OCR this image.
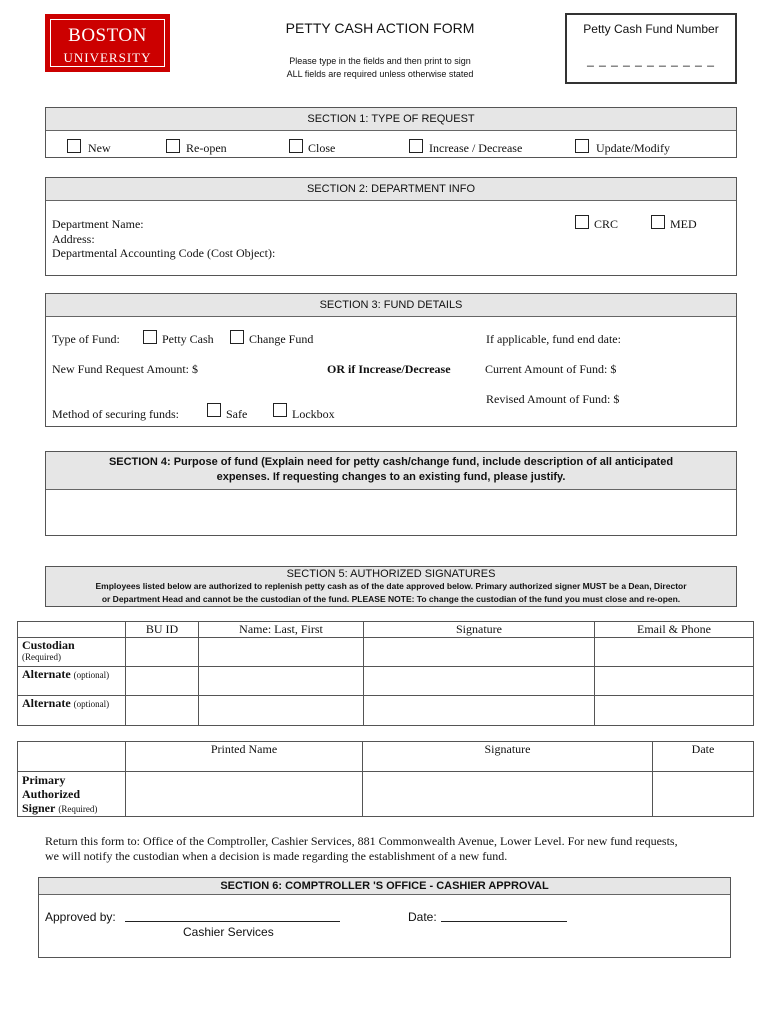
BOSTON
UNIVERSITY
PETTY CASH ACTION FORM
Please type in the fields and then print to sign
ALL fields are required unless otherwise stated
Petty Cash Fund Number
_ _ _ _ _ _ _ _ _ _ _
SECTION 1: TYPE OF REQUEST
New	Re-open	Close	Increase / Decrease	Update/Modify
SECTION 2: DEPARTMENT INFO
Department Name:
Address:
Departmental Accounting Code (Cost Object):
CRC	MED
SECTION 3: FUND DETAILS
Type of Fund:	Petty Cash	Change Fund	If applicable, fund end date:
New Fund Request Amount: $	OR if Increase/Decrease	Current Amount of Fund: $
Revised Amount of Fund: $
Method of securing funds:	Safe	Lockbox
SECTION 4: Purpose of fund (Explain need for petty cash/change fund, include description of all anticipated
expenses. If requesting changes to an existing fund, please justify.
SECTION 5: AUTHORIZED SIGNATURES
Employees listed below are authorized to replenish petty cash as of the date approved below. Primary authorized signer MUST be a Dean, Director
or Department Head and cannot be the custodian of the fund. PLEASE NOTE: To change the custodian of the fund you must close and re-open.
	BU ID	Name: Last, First	Signature	Email & Phone

Custodian
(Required)				

Alternate (optional)				
Alternate (optional)				
	Printed Name	Signature	Date

Primary
Authorized
Signer (Required)			

Return this form to: Office of the Comptroller, Cashier Services, 881 Commonwealth Avenue, Lower Level. For new fund requests,
we will notify the custodian when a decision is made regarding the establishment of a new fund.
SECTION 6: COMPTROLLER 'S OFFICE - CASHIER APPROVAL
Approved by:
Cashier Services
Date:
